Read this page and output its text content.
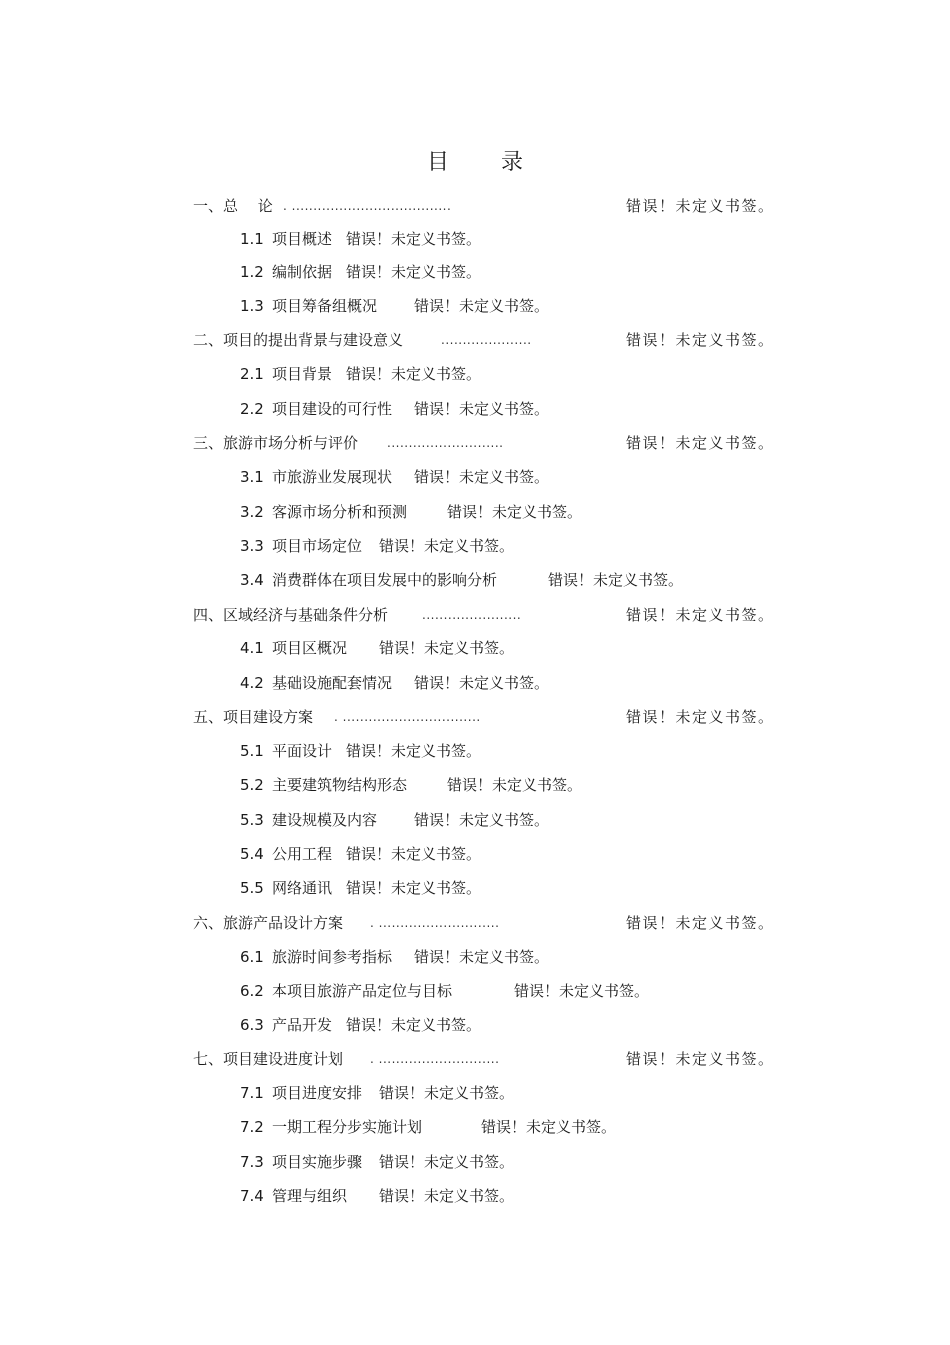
目 录
一、总　 论 . .....................................	错误！未定义书签。
1.1 项目概述 错误！未定义书签。
1.2 编制依据 错误！未定义书签。
1.3 项目筹备组概况 错误！未定义书签。
二、项目的提出背景与建设意义	.....................	错误！未定义书签。
2.1 项目背景 错误！未定义书签。
2.2 项目建设的可行性 错误！未定义书签。
三、旅游市场分析与评价 ...........................	错误！未定义书签。
3.1 市旅游业发展现状 错误！未定义书签。
3.2 客源市场分析和预测	错误！未定义书签。
3.3 项目市场定位 错误！未定义书签。
3.4 消费群体在项目发展中的影响分析	错误！未定义书签。
四、区域经济与基础条件分析	.......................	错误！未定义书签。
4.1 项目区概况 错误！未定义书签。
4.2 基础设施配套情况 错误！未定义书签。
五、项目建设方案 . ................................	错误！未定义书签。
5.1 平面设计 错误！未定义书签。
5.2 主要建筑物结构形态	错误！未定义书签。
5.3 建设规模及内容 错误！未定义书签。
5.4 公用工程 错误！未定义书签。
5.5 网络通讯 错误！未定义书签。
六、旅游产品设计方案 . ............................	错误！未定义书签。
6.1 旅游时间参考指标 错误！未定义书签。
6.2 本项目旅游产品定位与目标	错误！未定义书签。
6.3 产品开发 错误！未定义书签。
七、项目建设进度计划 . ............................	错误！未定义书签。
7.1 项目进度安排 错误！未定义书签。
7.2 一期工程分步实施计划	错误！未定义书签。
7.3 项目实施步骤 错误！未定义书签。
7.4 管理与组织 错误！未定义书签。
